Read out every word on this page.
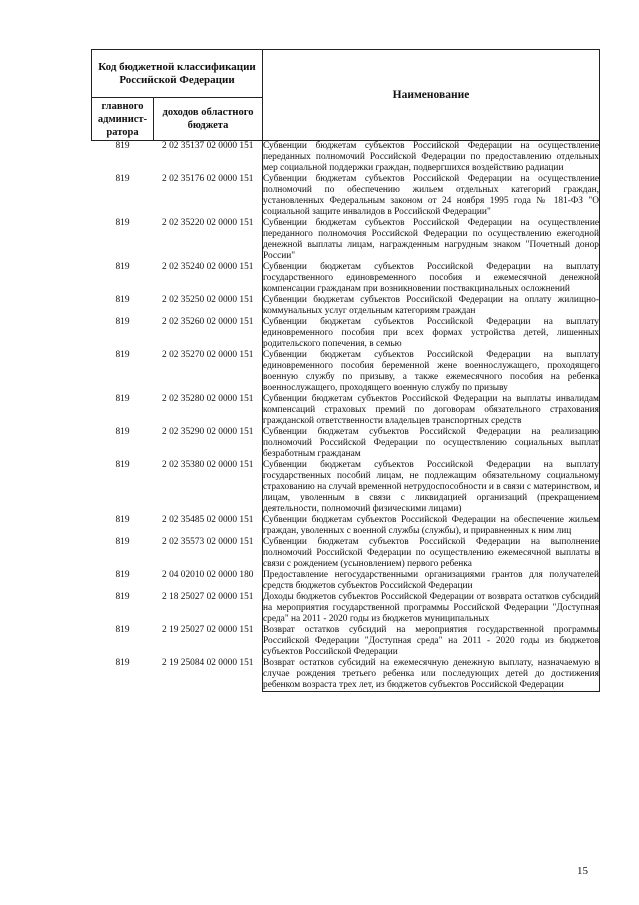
Код бюджетной классификации Российской Федерации		Наименование
главного админист-ратора	доходов областного бюджета	
819	2 02 35137 02 0000 151	Субвенции бюджетам субъектов Российской Федерации на осуществление переданных полномочий Российской Федерации по предоставлению отдельных мер социальной поддержки граждан, подвергшихся воздействию радиации
819	2 02 35176 02 0000 151	Субвенции бюджетам субъектов Российской Федерации на осуществление полномочий по обеспечению жильем отдельных категорий граждан, установленных Федеральным законом от 24 ноября 1995 года № 181-ФЗ "О социальной защите инвалидов в Российской Федерации"
819	2 02 35220 02 0000 151	Субвенции бюджетам субъектов Российской Федерации на осуществление переданного полномочия Российской Федерации по осуществлению ежегодной денежной выплаты лицам, награжденным нагрудным знаком "Почетный донор России"
819	2 02 35240 02 0000 151	Субвенции бюджетам субъектов Российской Федерации на выплату государственного единовременного пособия и ежемесячной денежной компенсации гражданам при возникновении поствакцинальных осложнений
819	2 02 35250 02 0000 151	Субвенции бюджетам субъектов Российской Федерации на оплату жилищно-коммунальных услуг отдельным категориям граждан
819	2 02 35260 02 0000 151	Субвенции бюджетам субъектов Российской Федерации на выплату единовременного пособия при всех формах устройства детей, лишенных родительского попечения, в семью
819	2 02 35270 02 0000 151	Субвенции бюджетам субъектов Российской Федерации на выплату единовременного пособия беременной жене военнослужащего, проходящего военную службу по призыву, а также ежемесячного пособия на ребенка военнослужащего, проходящего военную службу по призыву
819	2 02 35280 02 0000 151	Субвенции бюджетам субъектов Российской Федерации на выплаты инвалидам компенсаций страховых премий по договорам обязательного страхования гражданской ответственности владельцев транспортных средств
819	2 02 35290 02 0000 151	Субвенции бюджетам субъектов Российской Федерации на реализацию полномочий Российской Федерации по осуществлению социальных выплат безработным гражданам
819	2 02 35380 02 0000 151	Субвенции бюджетам субъектов Российской Федерации на выплату государственных пособий лицам, не подлежащим обязательному социальному страхованию на случай временной нетрудоспособности и в связи с материнством, и лицам, уволенным в связи с ликвидацией организаций (прекращением деятельности, полномочий физическими лицами)
819	2 02 35485 02 0000 151	Субвенции бюджетам субъектов Российской Федерации на обеспечение жильем граждан, уволенных с военной службы (службы), и приравненных к ним лиц
819	2 02 35573 02 0000 151	Субвенции бюджетам субъектов Российской Федерации на выполнение полномочий Российской Федерации по осуществлению ежемесячной выплаты в связи с рождением (усыновлением) первого ребенка
819	2 04 02010 02 0000 180	Предоставление негосударственными организациями грантов для получателей средств бюджетов субъектов Российской Федерации
819	2 18 25027 02 0000 151	Доходы бюджетов субъектов Российской Федерации от возврата остатков субсидий на мероприятия государственной программы Российской Федерации "Доступная среда" на 2011 - 2020 годы из бюджетов муниципальных
819	2 19 25027 02 0000 151	Возврат остатков субсидий на мероприятия государственной программы Российской Федерации "Доступная среда" на 2011 - 2020 годы из бюджетов субъектов Российской Федерации
819	2 19 25084 02 0000 151	Возврат остатков субсидий на ежемесячную денежную выплату, назначаемую в случае рождения третьего ребенка или последующих детей до достижения ребенком возраста трех лет, из бюджетов субъектов Российской Федерации
15
